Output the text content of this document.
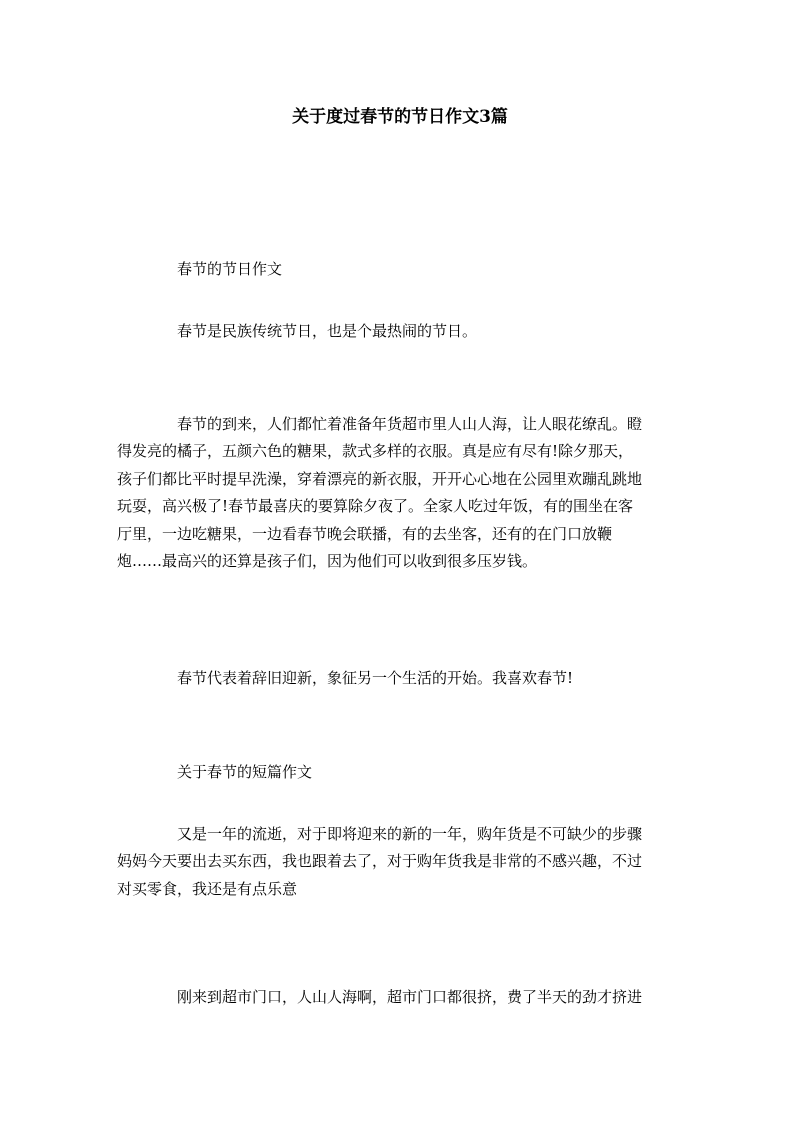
关于度过春节的节日作文3篇

春节的节日作文

春节是民族传统节日，也是个最热闹的节日。

春节的到来，人们都忙着准备年货超市里人山人海，让人眼花缭乱。瞪
得发亮的橘子，五颜六色的糖果，款式多样的衣服。真是应有尽有!除夕那天，
孩子们都比平时提早洗澡，穿着漂亮的新衣服，开开心心地在公园里欢蹦乱跳地
玩耍，高兴极了!春节最喜庆的要算除夕夜了。全家人吃过年饭，有的围坐在客
厅里，一边吃糖果，一边看春节晚会联播，有的去坐客，还有的在门口放鞭
炮……最高兴的还算是孩子们，因为他们可以收到很多压岁钱。

春节代表着辞旧迎新，象征另一个生活的开始。我喜欢春节!

关于春节的短篇作文

又是一年的流逝，对于即将迎来的新的一年，购年货是不可缺少的步骤
妈妈今天要出去买东西，我也跟着去了，对于购年货我是非常的不感兴趣，不过
对买零食，我还是有点乐意

刚来到超市门口，人山人海啊，超市门口都很挤，费了半天的劲才挤进
